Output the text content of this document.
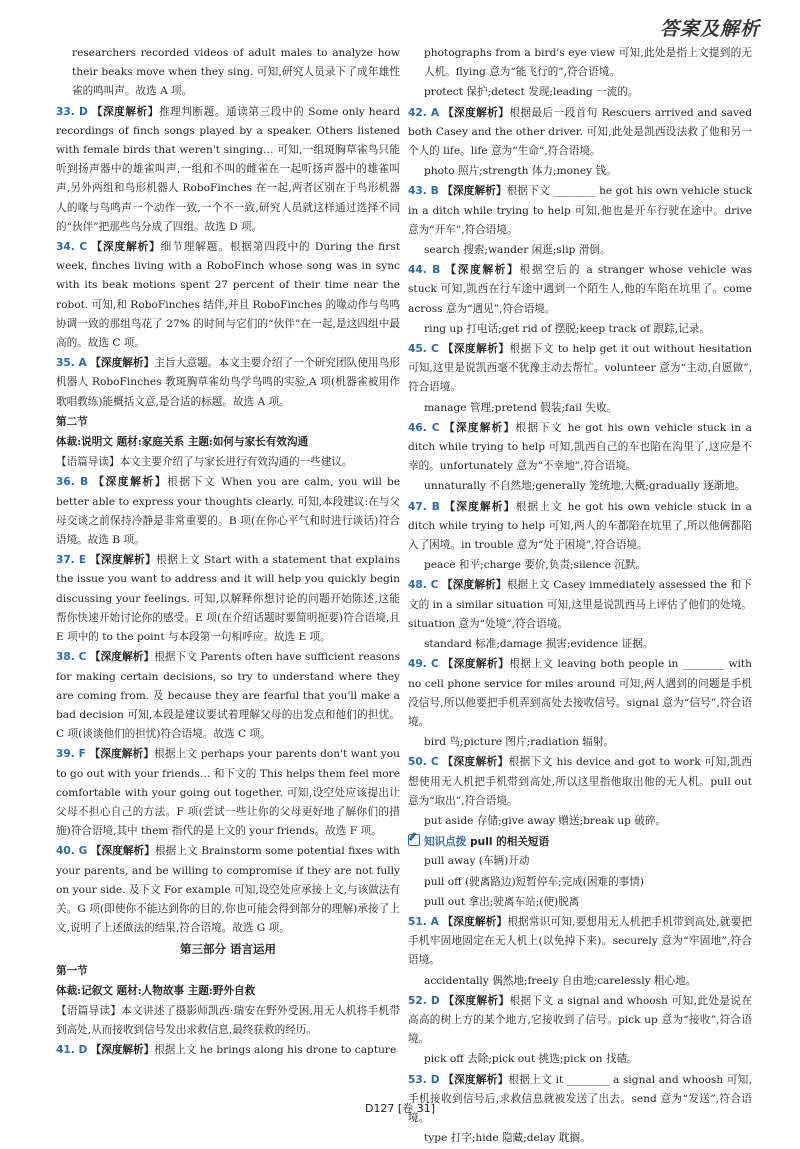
答案及解析
researchers recorded videos of adult males to analyze how their beaks move when they sing. 可知,研究人员录下了成年雄性雀的鸣叫声。故选 A 项。
33. D 【深度解析】推理判断题。通读第三段中的 Some only heard recordings of finch songs played by a speaker. Others listened with female birds that weren't singing… 可知,一组斑胸草雀鸟只能听到扬声器中的雄雀叫声,一组和不叫的雌雀在一起听扬声器中的雄雀叫声,另外两组和鸟形机器人 RoboFinches 在一起,两者区别在于鸟形机器人的喙与鸟鸣声一个动作一致,一个不一致,研究人员就这样通过选择不同的“伙伴”把那些鸟分成了四组。故选 D 项。
34. C 【深度解析】细节理解题。根据第四段中的 During the first week, finches living with a RoboFinch whose song was in sync with its beak motions spent 27 percent of their time near the robot. 可知,和 RoboFinches 结伴,并且 RoboFinches 的喙动作与鸟鸣协调一致的那组鸟花了 27% 的时间与它们的“伙伴”在一起,是这四组中最高的。故选 C 项。
35. A 【深度解析】主旨大意题。本文主要介绍了一个研究团队使用鸟形机器人 RoboFinches 教斑胸草雀幼鸟学鸟鸣的实验,A 项(机器雀被用作歌唱教练)能概括文意,是合适的标题。故选 A 项。
第二节
体裁:说明文 题材:家庭关系 主题:如何与家长有效沟通
【语篇导读】本文主要介绍了与家长进行有效沟通的一些建议。
36. B 【深度解析】根据下文 When you are calm, you will be better able to express your thoughts clearly. 可知,本段建议:在与父母交谈之前保持冷静是非常重要的。B 项(在你心平气和时进行谈话)符合语境。故选 B 项。
37. E 【深度解析】根据上文 Start with a statement that explains the issue you want to address and it will help you quickly begin discussing your feelings. 可知,以解释你想讨论的问题开始陈述,这能帮你快速开始讨论你的感受。E 项(在介绍话题时要简明扼要)符合语境,且 E 项中的 to the point 与本段第一句相呼应。故选 E 项。
38. C 【深度解析】根据下文 Parents often have sufficient reasons for making certain decisions, so try to understand where they are coming from. 及 because they are fearful that you'll make a bad decision 可知,本段是建议要试着理解父母的出发点和他们的担忧。C 项(谈谈他们的担忧)符合语境。故选 C 项。
39. F 【深度解析】根据上文 perhaps your parents don't want you to go out with your friends… 和下文的 This helps them feel more comfortable with your going out together. 可知,设空处应该提出让父母不担心自己的方法。F 项(尝试一些让你的父母更好地了解你们的措施)符合语境,其中 them 指代的是上文的 your friends。故选 F 项。
40. G 【深度解析】根据上文 Brainstorm some potential fixes with your parents, and be willing to compromise if they are not fully on your side. 及下文 For example 可知,设空处应承接上文,与该做法有关。G 项(即使你不能达到你的目的,你也可能会得到部分的理解)承接了上文,说明了上述做法的结果,符合语境。故选 G 项。
第三部分 语言运用
第一节
体裁:记叙文 题材:人物故事 主题:野外自救
【语篇导读】本文讲述了摄影师凯西·瑞安在野外受困,用无人机将手机带到高处,从而接收到信号发出求救信息,最终获救的经历。
41. D 【深度解析】根据上文 he brings along his drone to capture
photographs from a bird's eye view 可知,此处是指上文提到的无人机。flying 意为“能飞行的”,符合语境。
protect 保护;detect 发现;leading 一流的。
42. A 【深度解析】根据最后一段首句 Rescuers arrived and saved both Casey and the other driver. 可知,此处是凯西设法救了他和另一个人的 life。life 意为“生命”,符合语境。
photo 照片;strength 体力;money 钱。
43. B 【深度解析】根据下文 ________ he got his own vehicle stuck in a ditch while trying to help 可知,他也是开车行驶在途中。drive 意为“开车”,符合语境。
search 搜索;wander 闲逛;slip 滑倒。
44. B 【深度解析】根据空后的 a stranger whose vehicle was stuck 可知,凯西在行车途中遇到一个陌生人,他的车陷在坑里了。come across 意为“遇见”,符合语境。
ring up 打电话;get rid of 摆脱;keep track of 跟踪,记录。
45. C 【深度解析】根据下文 to help get it out without hesitation 可知,这里是说凯西毫不犹豫主动去帮忙。volunteer 意为“主动,自愿做”,符合语境。
manage 管理;pretend 假装;fail 失败。
46. C 【深度解析】根据下文 he got his own vehicle stuck in a ditch while trying to help 可知,凯西自己的车也陷在沟里了,这应是不幸的。unfortunately 意为“不幸地”,符合语境。
unnaturally 不自然地;generally 笼统地,大概;gradually 逐渐地。
47. B 【深度解析】根据上文 he got his own vehicle stuck in a ditch while trying to help 可知,两人的车都陷在坑里了,所以他俩都陷入了困境。in trouble 意为“处于困境”,符合语境。
peace 和平;charge 要价,负责;silence 沉默。
48. C 【深度解析】根据上文 Casey immediately assessed the 和下文的 in a similar situation 可知,这里是说凯西马上评估了他们的处境。situation 意为“处境”,符合语境。
standard 标准;damage 损害;evidence 证据。
49. C 【深度解析】根据上文 leaving both people in ________ with no cell phone service for miles around 可知,两人遇到的问题是手机没信号,所以他要把手机弄到高处去接收信号。signal 意为“信号”,符合语境。
bird 鸟;picture 图片;radiation 辐射。
50. C 【深度解析】根据下文 his device and got to work 可知,凯西想使用无人机把手机带到高处,所以这里指他取出他的无人机。pull out 意为“取出”,符合语境。
put aside 存储;give away 赠送;break up 破碎。
知识点拨 pull 的相关短语
pull away (车辆)开动
pull off (驶离路边)短暂停车;完成(困难的事情)
pull out 拿出;驶离车站;(使)脱离
51. A 【深度解析】根据常识可知,要想用无人机把手机带到高处,就要把手机牢固地固定在无人机上(以免掉下来)。securely 意为“牢固地”,符合语境。
accidentally 偶然地;freely 自由地;carelessly 粗心地。
52. D 【深度解析】根据下文 a signal and whoosh 可知,此处是说在高高的树上方的某个地方,它接收到了信号。pick up 意为“接收”,符合语境。
pick off 去除;pick out 挑选;pick on 找碴。
53. D 【深度解析】根据上文 it ________ a signal and whoosh 可知,手机接收到信号后,求救信息就被发送了出去。send 意为“发送”,符合语境。
type 打字;hide 隐藏;delay 耽搁。
D127 [卷 31]
